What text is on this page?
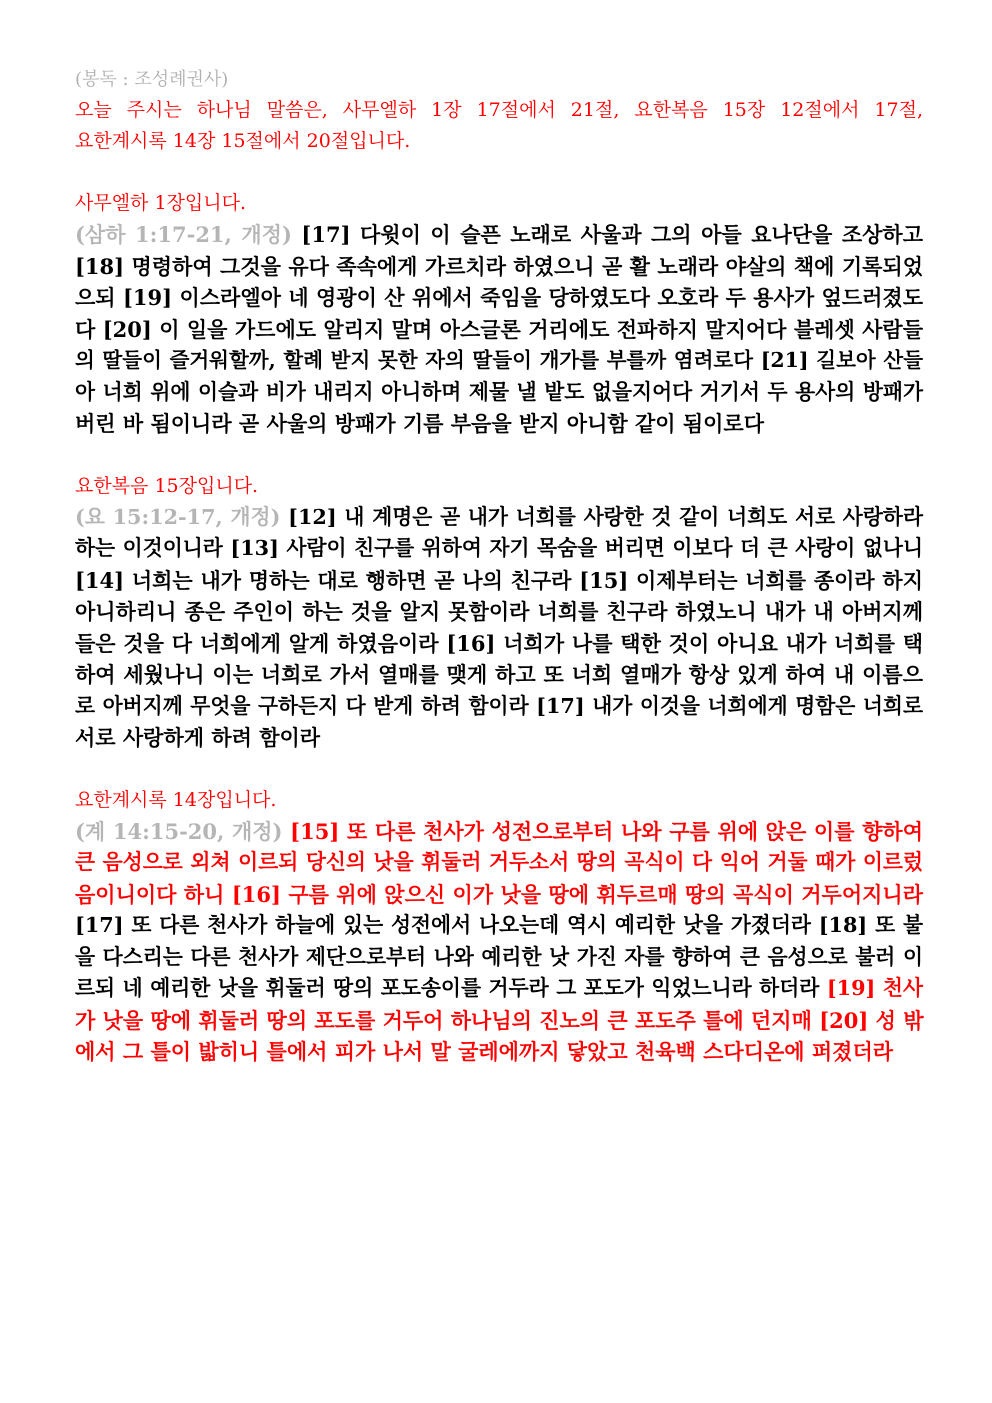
(봉독 : 조성례권사)
오늘 주시는 하나님 말씀은, 사무엘하 1장 17절에서 21절, 요한복음 15장 12절에서 17절,
요한계시록 14장 15절에서 20절입니다.
사무엘하 1장입니다.
(삼하 1:17-21, 개정) [17] 다윗이 이 슬픈 노래로 사울과 그의 아들 요나단을 조상하고
[18] 명령하여 그것을 유다 족속에게 가르치라 하였으니 곧 활 노래라 야살의 책에 기록되었
으되 [19] 이스라엘아 네 영광이 산 위에서 죽임을 당하였도다 오호라 두 용사가 엎드러졌도
다 [20] 이 일을 가드에도 알리지 말며 아스글론 거리에도 전파하지 말지어다 블레셋 사람들
의 딸들이 즐거워할까, 할례 받지 못한 자의 딸들이 개가를 부를까 염려로다 [21] 길보아 산들
아 너희 위에 이슬과 비가 내리지 아니하며 제물 낼 밭도 없을지어다 거기서 두 용사의 방패가
버린 바 됨이니라 곧 사울의 방패가 기름 부음을 받지 아니함 같이 됨이로다
요한복음 15장입니다.
(요 15:12-17, 개정) [12] 내 계명은 곧 내가 너희를 사랑한 것 같이 너희도 서로 사랑하라
하는 이것이니라 [13] 사람이 친구를 위하여 자기 목숨을 버리면 이보다 더 큰 사랑이 없나니
[14] 너희는 내가 명하는 대로 행하면 곧 나의 친구라 [15] 이제부터는 너희를 종이라 하지
아니하리니 종은 주인이 하는 것을 알지 못함이라 너희를 친구라 하였노니 내가 내 아버지께
들은 것을 다 너희에게 알게 하였음이라 [16] 너희가 나를 택한 것이 아니요 내가 너희를 택
하여 세웠나니 이는 너희로 가서 열매를 맺게 하고 또 너희 열매가 항상 있게 하여 내 이름으
로 아버지께 무엇을 구하든지 다 받게 하려 함이라 [17] 내가 이것을 너희에게 명함은 너희로
서로 사랑하게 하려 함이라
요한계시록 14장입니다.
(계 14:15-20, 개정) [15] 또 다른 천사가 성전으로부터 나와 구름 위에 앉은 이를 향하여
큰 음성으로 외쳐 이르되 당신의 낫을 휘둘러 거두소서 땅의 곡식이 다 익어 거둘 때가 이르렀
음이니이다 하니 [16] 구름 위에 앉으신 이가 낫을 땅에 휘두르매 땅의 곡식이 거두어지니라
[17] 또 다른 천사가 하늘에 있는 성전에서 나오는데 역시 예리한 낫을 가졌더라 [18] 또 불
을 다스리는 다른 천사가 제단으로부터 나와 예리한 낫 가진 자를 향하여 큰 음성으로 불러 이
르되 네 예리한 낫을 휘둘러 땅의 포도송이를 거두라 그 포도가 익었느니라 하더라 [19] 천사
가 낫을 땅에 휘둘러 땅의 포도를 거두어 하나님의 진노의 큰 포도주 틀에 던지매 [20] 성 밖
에서 그 틀이 밟히니 틀에서 피가 나서 말 굴레에까지 닿았고 천육백 스다디온에 퍼졌더라
